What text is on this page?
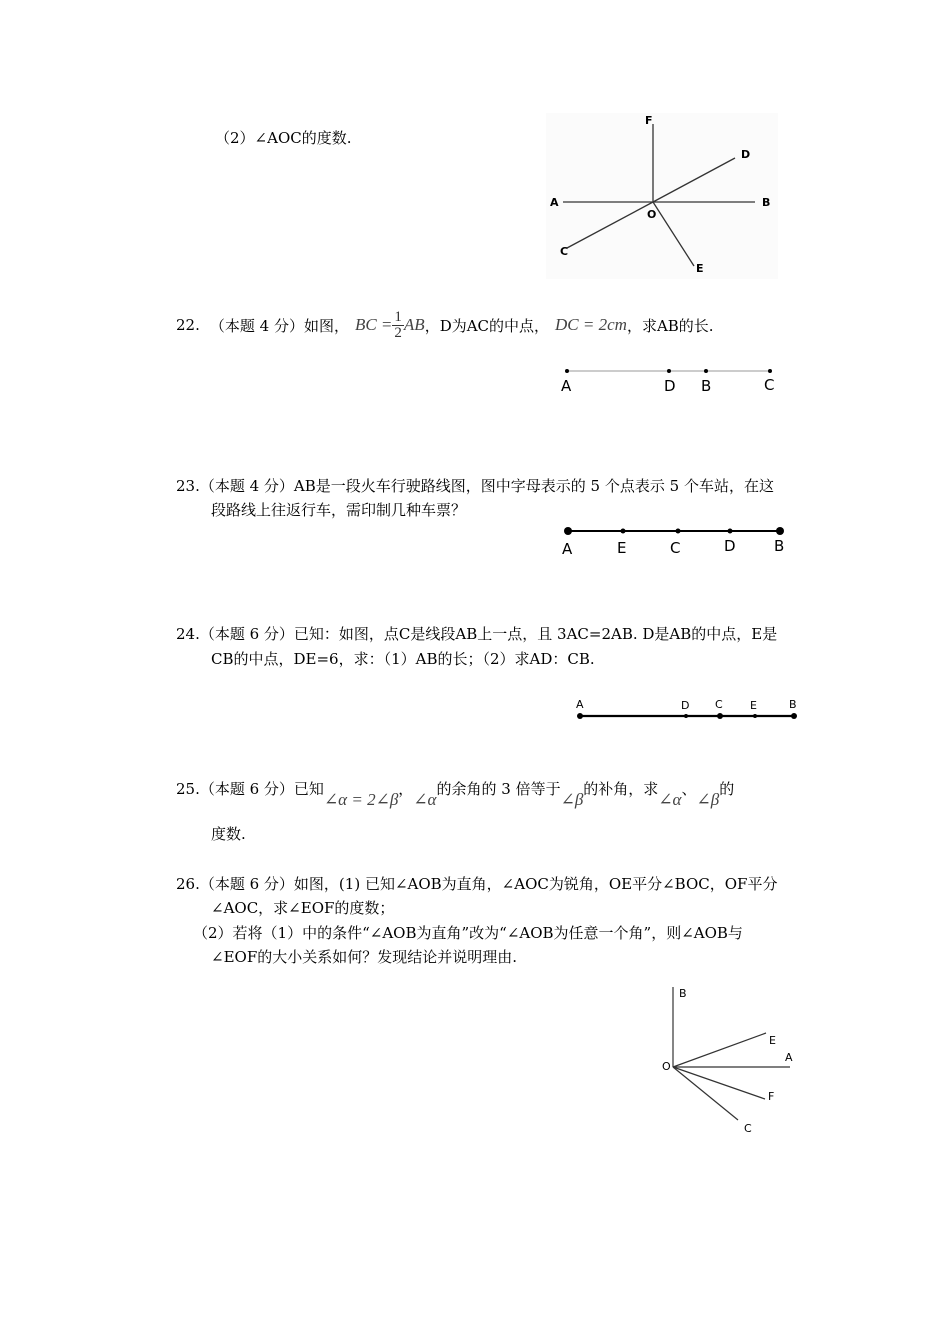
（2）∠AOC的度数.
F
D
A	B
O
C
E
22. （本题 4 分）如图， BC = $\frac{1}{2}$ AB ，D为AC的中点， DC = 2cm ，求AB的长.
A	D B	C
23.（本题 4 分）AB是一段火车行驶路线图，图中字母表示的 5 个点表示 5 个车站，在这
段路线上往返行车，需印制几种车票？
A	E	C	D	B
24.（本题 6 分）已知：如图，点C是线段AB上一点，且 3AC=2AB. D是AB的中点，E是
CB的中点，DE=6，求：（1）AB的长；（2）求AD：CB.
A	D C E	B
25.（本题 6 分）已知
∠α = 2∠β
，
∠α
的余角的 3 倍等于
∠β
的补角，求
∠α
、
∠β
的
度数.
26.（本题 6 分）如图，(1) 已知∠AOB为直角，∠AOC为锐角，OE平分∠BOC，OF平分
∠AOC，求∠EOF的度数；
（2）若将（1）中的条件“∠AOB为直角”改为“∠AOB为任意一个角”，则∠AOB与
∠EOF的大小关系如何？发现结论并说明理由.
B
E
A
O
F
C
